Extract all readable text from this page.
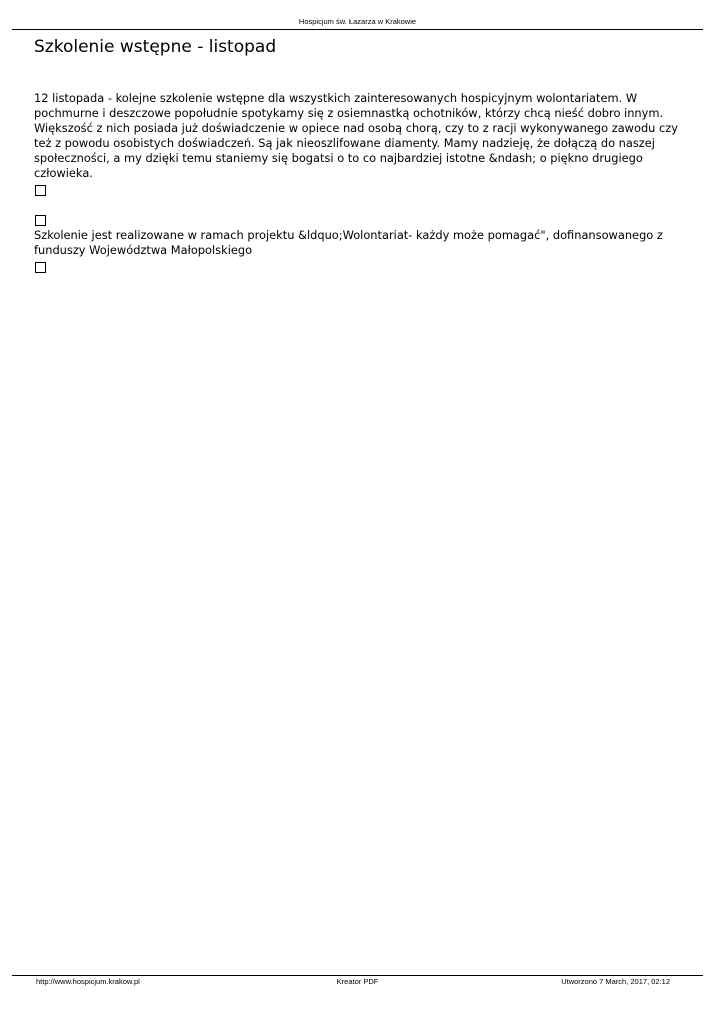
Hospicjum św. Łazarza w Krakowie
Szkolenie wstępne - listopad

12 listopada - kolejne szkolenie wstępne dla wszystkich zainteresowanych hospicyjnym wolontariatem. W pochmurne i deszczowe popołudnie spotykamy się z osiemnastką ochotników, którzy chcą nieść dobro innym. Większość z nich posiada już doświadczenie w opiece nad osobą chorą, czy to z racji wykonywanego zawodu czy też z powodu osobistych doświadczeń. Są jak nieoszlifowane diamenty. Mamy nadzieję, że dołączą do naszej społeczności, a my dzięki temu staniemy się bogatsi o to co najbardziej istotne &ndash; o piękno drugiego człowieka.

Szkolenie jest realizowane w ramach projektu &ldquo;Wolontariat- każdy może pomagać", dofinansowanego z funduszy Województwa Małopolskiego

http://www.hospicjum.krakow.pl	Kreator PDF	Utworzono 7 March, 2017, 02:12
